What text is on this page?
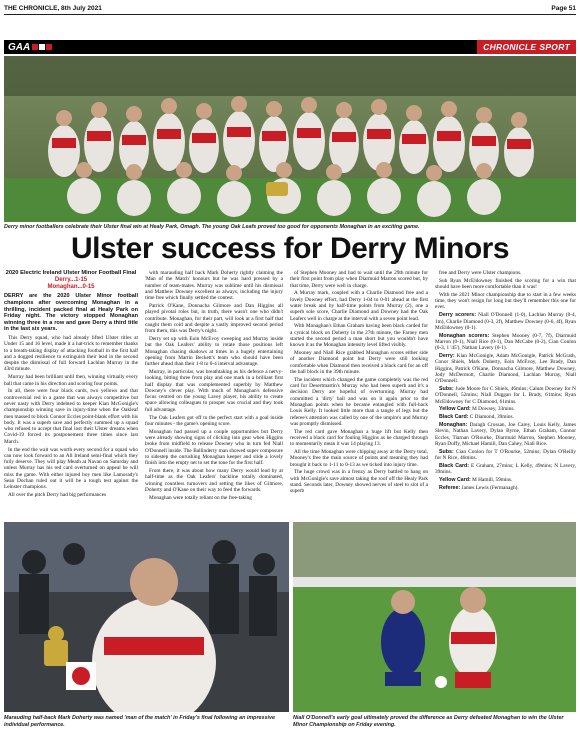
THE CHRONICLE, 8th July 2021	Page 51
GAA	CHRONICLE SPORT
Derry minor footballers celebrate their Ulster final win at Healy Park, Omagh. The young Oak Leafs proved too good for opponents Monaghan in an exciting game.
Ulster success for Derry Minors
2020 Electric Ireland Ulster Minor Football Final
Derry...1-15
Monaghan...0-15
DERRY are the 2020 Ulster Minor football champions after overcoming Monaghan in a thrilling, incident packed final at Healy Park on Friday night. The victory stopped Monaghan winning three in a row and gave Derry a third title in the last six years.

This Derry squad, who had already lifted Ulster titles at Under 15 and 16 level, made it a hat-trick to remember thanks to a breath-taking display of attacking football in the first half and a dogged resilience to extinguish their lead in the second despite the dismissal of full forward Lachlan Murray in the 43rd minute.

Murray had been brilliant until then, winning virtually every ball that came in his direction and scoring four points.

In all, there were four black cards, two yellows and that controversial red in a game that was always competitive but never nasty with Derry indebted to keeper Kian McGonigle's championship winning save in injury-time when the Oakleaf men massed to block Connor Eccles point-blank effort with his body. It was a superb save and perfectly summed up a squad who refused to accept that final lost their Ulster dreams when Covid-19 forced its postponement three times since last March.

In the end the wait was worth every second for a squad who can now look forward to an All Ireland semi-final which they fully deserve. They will play Meath at Navan on Saturday and unless Murray has his red card overturned on appeal he will miss the game. With either injured boy men like Lamorady's Sean Dochan ruled out it will be a tough test against the Leinster champions.

All over the pitch Derry had big performances

with marauding half back Mark Doherty rightly claiming the 'Man of the Match' honours but he was hard pressed by a number of team-mates. Murray was sublime until his dismissal and Matthew Downey excellent as always, including the injury time free which finally settled the contest.

Patrick O'Kane, Donnacha Gilmore and Dan Higgins all played pivotal roles but, in truth, there wasn't one who didn't contribute. Monaghan, for their part, will look at a first half that caught them cold and despite a vastly improved second period from them, this was Derry's night.

Derry set up with Eoin McEvoy sweeping and Murray inside but the Oak Leafers' ability to rotate those positions left Monaghan chasing shadows at times in a hugely entertaining opening from Martin Beckett's team who should have been further ahead than their 1-8 to 0-4 interval advantage.

Murray, in particular, was breathtaking as his defence a nervy-looking, hitting three from play and one mark in a brilliant first half display that was complemented superbly by Matthew Downey's clever play. With much of Monaghan's defensive focus centred on the young Lavey player, his ability to create space allowing colleagues to prosper was crucial and they took full advantage.

The Oak Leafers got off to the perfect start with a goal inside four minutes - the game's opening score.

Monaghan had passed up a couple opportunities but Derry were already showing signs of clicking into gear when Higgins broke from midfield to release Downey who in turn fed Niall O'Donnell inside. The Ballinderry man showed super composure to sidestep the onrushing Monaghan keeper and slide a lovely finish into the empty net to set the tone for the first half.

From there, it was about how many Derry would lead by at half-time as the Oak Leafers' backline totally dominated, winning countless turnovers and setting the likes of Gilmore, Doherty and O'Kane on their way to feed the forwards.

Monaghan were totally reliant on the free-taking

of Stephen Mooney and had to wait until the 29th minute for their first point from play when Diarmuid Marron scored but, by that time, Derry were well in charge.

A Murray mark, coupled with a Charlie Diamond free and a lovely Downey effort, had Derry 1-04 to 0-01 ahead at the first water break and by half-time points from Murray (2), one a superb sole score, Charlie Diamond and Downey had the Oak Leafers well in charge at the interval with a seven point lead.

With Monaghan's Ethan Graham having been black carded for a cynical block on Doherty in the 27th minute, the Farney men started the second period a man short but you wouldn't have known it as the Monaghan intensity level lifted visibly.

Mooney and Niall Rice grabbed Monaghan scores either side of another Diamond point but Derry were still looking comfortable when Diamond then received a black card for an off the ball block in the 39th minute.

The incident which changed the game completely was the red card for Desertmartin's Murray who had been superb and it's a decision Derry are hopeful of overturning. Murray had committed a 'dirty' ball and was on it again prior to the Monaghan points when he became entangled with full-back Louis Kelly. It looked little more than a tangle of legs but the referee's attention was called by one of the umpire's and Murray was promptly dismissed.

The red card gave Monaghan a huge lift but Kelly then received a black card for fouling Higgins as he charged through to momentarily mean it was 14 playing 13.

All the time Monaghan were chipping away at the Derry total, Mooney's free the main source of points and meaning they had brought it back to 1-11 to 0-13 as we ticked into injury time.

The huge crowd was in a frenzy as Derry battled to hang on with McGonigle's save almost taking the roof off the Healy Park stand. Seconds later, Downey showed nerves of steel to slot of a superb

free and Derry were Ulster champions.

Sub Ryan McEldowney finished the scoring for a win that should have been more comfortable than it was!

With the 2021 Minor championship due to start in a few weeks time, they won't resign for long but they'll remember this one for ever.

Derry scorers: Niall O'Donnell (1-0), Lachlan Murray (0-4, 1m), Charlie Diamond (0-3, 2f), Matthew Downey (0-6, 4f), Ryan McEldowney (0-1).

Monaghan scorers: Stephen Mooney (0-7, 7f), Diarmuid Marron (0-1), Niall Rice (0-1), Dan McCabe (0-2), Cian Conlon (0-3, 1 '45'), Nathan Lavery (0-1).

Derry: Kian McGonigle, Adam McGonigle, Patrick McGrath, Conor Shiels, Mark Doherty, Eoin McEvoy, Lee Brady, Dan Higgins, Patrick O'Kane, Donnacha Gilmore, Matthew Downey, Jody McDermott, Charlie Diamond, Lachlan Murray, Niall O'Donnell.

Subs: Jude Moore for C Shiels, 46mins; Calum Downey for N O'Donnell, 52mins; Niall Duggan for L Brady, 61mins; Ryan McEldowney for C Diamond, 61mins.

Yellow Card: M Dowsey, 33mins.

Black Card: C Diamond, 39mins.

Monaghan: Daragh Crossan, Joe Carey, Louis Kelly, James Slevin, Nathan Lavery, Dylan Byrne, Ethan Graham, Connor Eccles, Tiarnan O'Rourke, Diarmuid Marron, Stephen Mooney, Ryan Duffy, Michael Hamill, Dan Cahey, Niall Rice.

Subs: Cian Conlon for T O'Rourke, 52mins; Dylan O'Reilly for N Rice, 46mins.

Black Card: E Graham, 27mins; L Kelly, 49mins; N Lavery, 39mins.

Yellow Card: M Hamill, 59mins.

Referee: James Lewis (Fermanagh).

Marauding half-back Mark Doherty was named 'man of the match' in Friday's final following an impressive individual performance.
Niall O'Donnell's early goal ultimately proved the difference as Derry defeated Monaghan to win the Ulster Minor Championship on Friday evening.
